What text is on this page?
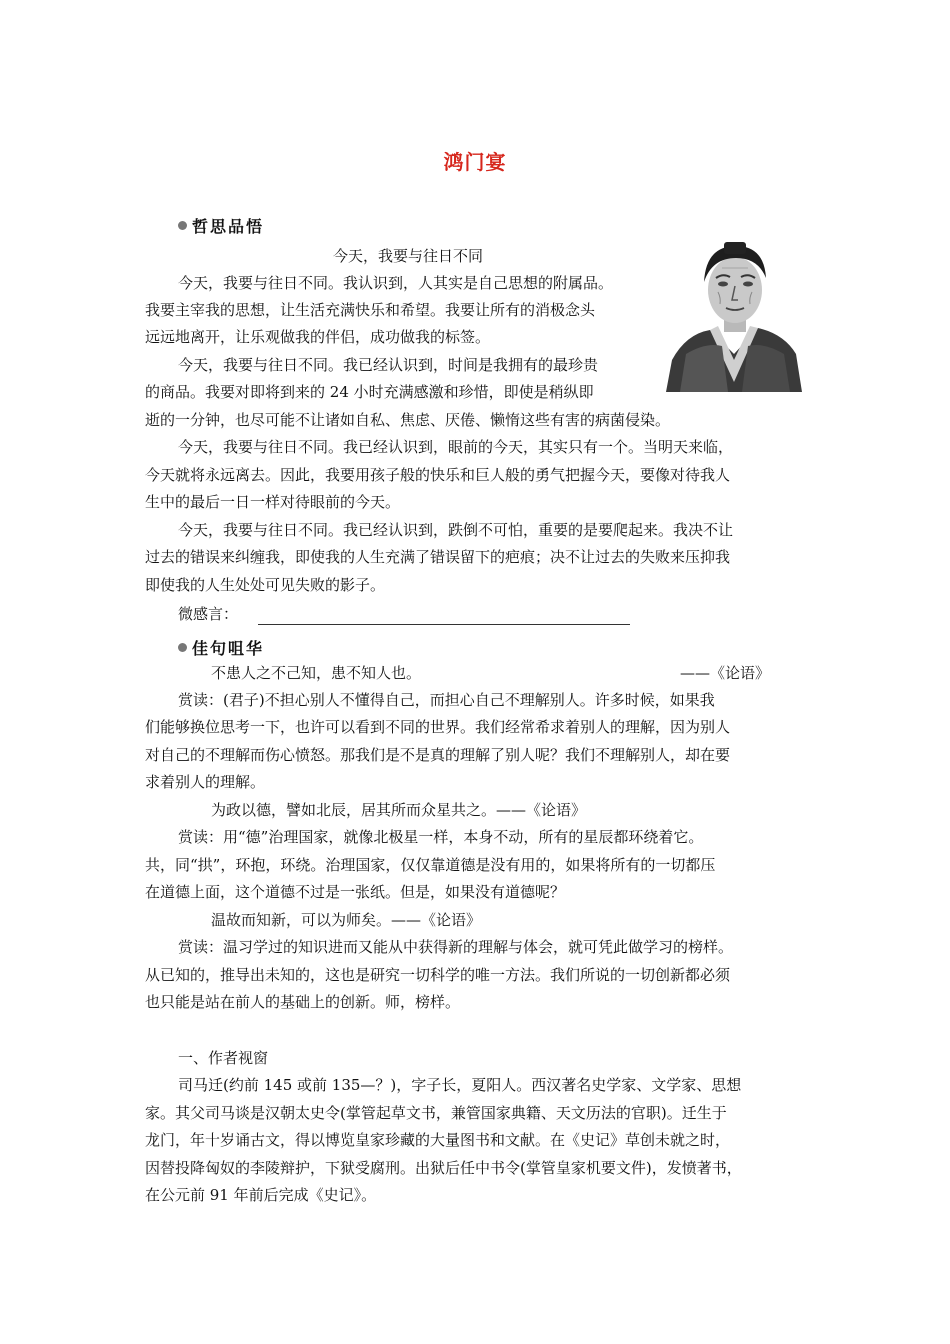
鸿门宴
哲思品悟
今天，我要与往日不同
今天，我要与往日不同。我认识到，人其实是自己思想的附属品。
我要主宰我的思想，让生活充满快乐和希望。我要让所有的消极念头
远远地离开，让乐观做我的伴侣，成功做我的标签。
今天，我要与往日不同。我已经认识到，时间是我拥有的最珍贵
的商品。我要对即将到来的 24 小时充满感激和珍惜，即使是稍纵即
逝的一分钟，也尽可能不让诸如自私、焦虑、厌倦、懒惰这些有害的病菌侵染。
今天，我要与往日不同。我已经认识到，眼前的今天，其实只有一个。当明天来临，
今天就将永远离去。因此，我要用孩子般的快乐和巨人般的勇气把握今天，要像对待我人
生中的最后一日一样对待眼前的今天。
今天，我要与往日不同。我已经认识到，跌倒不可怕，重要的是要爬起来。我决不让
过去的错误来纠缠我，即使我的人生充满了错误留下的疤痕；决不让过去的失败来压抑我
即使我的人生处处可见失败的影子。
微感言：
佳句咀华
不患人之不己知，患不知人也。	——《论语》
赏读：(君子)不担心别人不懂得自己，而担心自己不理解别人。许多时候，如果我
们能够换位思考一下，也许可以看到不同的世界。我们经常希求着别人的理解，因为别人
对自己的不理解而伤心愤怒。那我们是不是真的理解了别人呢？我们不理解别人，却在要
求着别人的理解。
为政以德，譬如北辰，居其所而众星共之。——《论语》
赏读：用“德”治理国家，就像北极星一样，本身不动，所有的星辰都环绕着它。
共，同“拱”，环抱，环绕。治理国家，仅仅靠道德是没有用的，如果将所有的一切都压
在道德上面，这个道德不过是一张纸。但是，如果没有道德呢？
温故而知新，可以为师矣。——《论语》
赏读：温习学过的知识进而又能从中获得新的理解与体会，就可凭此做学习的榜样。
从已知的，推导出未知的，这也是研究一切科学的唯一方法。我们所说的一切创新都必须
也只能是站在前人的基础上的创新。师，榜样。
一、作者视窗
司马迁(约前 145 或前 135—？)，字子长，夏阳人。西汉著名史学家、文学家、思想
家。其父司马谈是汉朝太史令(掌管起草文书，兼管国家典籍、天文历法的官职)。迁生于
龙门，年十岁诵古文，得以博览皇家珍藏的大量图书和文献。在《史记》草创未就之时，
因替投降匈奴的李陵辩护，下狱受腐刑。出狱后任中书令(掌管皇家机要文件)，发愤著书，
在公元前 91 年前后完成《史记》。
